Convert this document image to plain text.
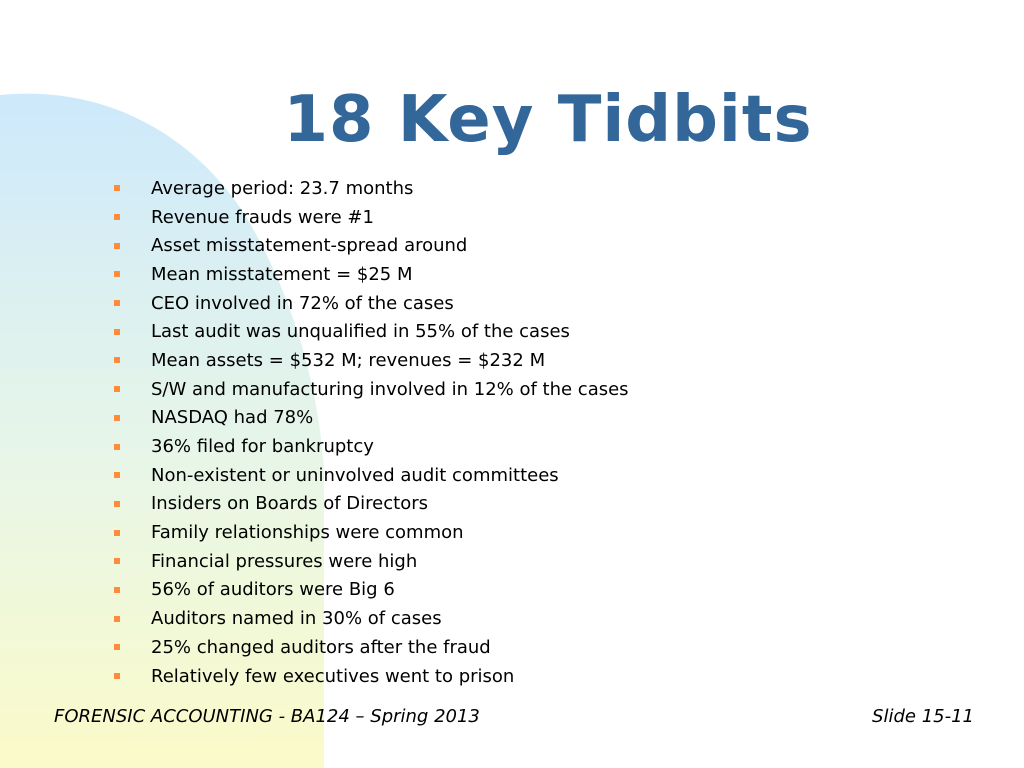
18 Key Tidbits
Average period: 23.7 months
Revenue frauds were #1
Asset misstatement-spread around
Mean misstatement = $25 M
CEO involved in 72% of the cases
Last audit was unqualified in 55% of the cases
Mean assets = $532 M; revenues = $232 M
S/W and manufacturing involved in 12% of the cases
NASDAQ had 78%
36% filed for bankruptcy
Non-existent or uninvolved audit committees
Insiders on Boards of Directors
Family relationships were common
Financial pressures were high
56% of auditors were Big 6
Auditors named in 30% of cases
25% changed auditors after the fraud
Relatively few executives went to prison
FORENSIC ACCOUNTING - BA124 – Spring 2013	Slide 15-11
